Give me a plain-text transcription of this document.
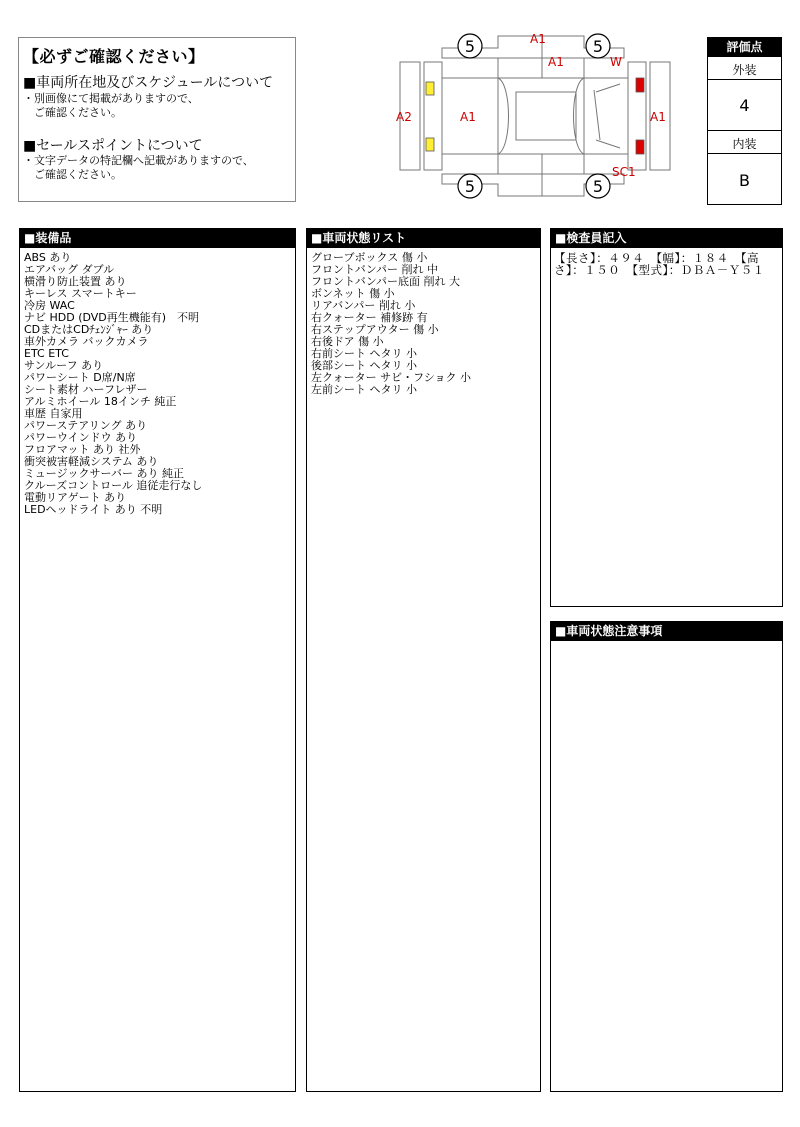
【必ずご確認ください】
■車両所在地及びスケジュールについて
・別画像にて掲載がありますので、
　ご確認ください。
■セールスポイントについて
・文字データの特記欄へ記載がありますので、
　ご確認ください。
5	5
5	5
A1
A1	W
A2	A1	A1
SC1
評価点
外装
4
内装
B
■装備品
ABS あり
エアバッグ ダブル
横滑り防止装置 あり
キーレス スマートキー
冷房 WAC
ナビ HDD (DVD再生機能有)　不明
CDまたはCDﾁｪﾝｼﾞｬｰ あり
車外カメラ バックカメラ
ETC ETC
サンルーフ あり
パワーシート D席/N席
シート素材 ハーフレザー
アルミホイール 18インチ 純正
車歴 自家用
パワーステアリング あり
パワーウインドウ あり
フロアマット あり 社外
衝突被害軽減システム あり
ミュージックサーバー あり 純正
クルーズコントロール 追従走行なし
電動リアゲート あり
LEDヘッドライト あり 不明
■車両状態リスト
グローブボックス 傷 小
フロントバンパー 削れ 中
フロントバンパー底面 削れ 大
ボンネット 傷 小
リアバンパー 削れ 小
右クォーター 補修跡 有
右ステップアウター 傷 小
右後ドア 傷 小
右前シート ヘタリ 小
後部シート ヘタリ 小
左クォーター サビ・フショク 小
左前シート ヘタリ 小
■検査員記入
【長さ】：４９４　【幅】：１８４　【高さ】：１５０　【型式】：ＤＢＡ－Ｙ５１
■車両状態注意事項
